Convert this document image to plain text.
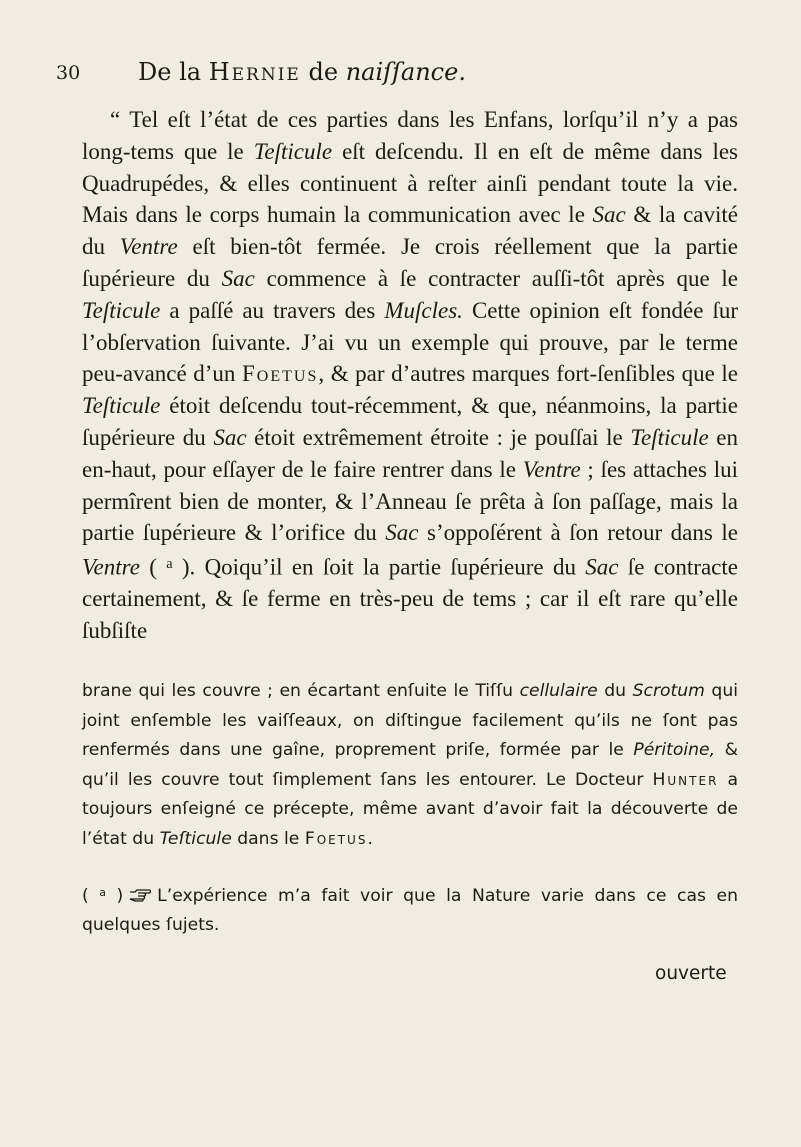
30 De la Hernie de naiſſance.

“ Tel eſt l’état de ces parties dans les Enfans, lorſqu’il n’y a pas long-tems que le Teſticule eſt deſcendu. Il en eſt de même dans les Quadrupédes, & elles continuent à reſter ainſi pendant toute la vie. Mais dans le corps humain la communication avec le Sac & la cavité du Ventre eſt bien-tôt fermée. Je crois réellement que la partie ſupérieure du Sac commence à ſe contracter auſſi-tôt après que le Teſticule a paſſé au travers des Muſcles. Cette opinion eſt fondée ſur l’obſervation ſuivante. J’ai vu un exemple qui prouve, par le terme peu-avancé d’un Foetus, & par d’autres marques fort-ſenſibles que le Teſticule étoit deſcendu tout-récemment, & que, néanmoins, la partie ſupérieure du Sac étoit extrêmement étroite : je pouſſai le Teſticule en en-haut, pour eſſayer de le faire rentrer dans le Ventre ; ſes attaches lui permîrent bien de monter, & l’Anneau ſe prêta à ſon paſſage, mais la partie ſupérieure & l’orifice du Sac s’oppoſérent à ſon retour dans le Ventre ( $^a$ ). Qoiqu’il en ſoit la partie ſupérieure du Sac ſe contracte certainement, & ſe ferme en très-peu de tems ; car il eſt rare qu’elle ſubſiſte

brane qui les couvre ; en écartant enſuite le Tiſſu cellulaire du Scrotum qui joint enſemble les vaiſſeaux, on diſtingue facilement qu’ils ne ſont pas renfermés dans une gaîne, proprement priſe, formée par le Péritoine, & qu’il les couvre tout ſimplement ſans les entourer. Le Docteur Hunter a toujours enſeigné ce précepte, même avant d’avoir fait la découverte de l’état du Teſticule dans le Foetus.

( $^a$ ) L’expérience m’a fait voir que la Nature varie dans ce cas en quelques ſujets.

ouverte
